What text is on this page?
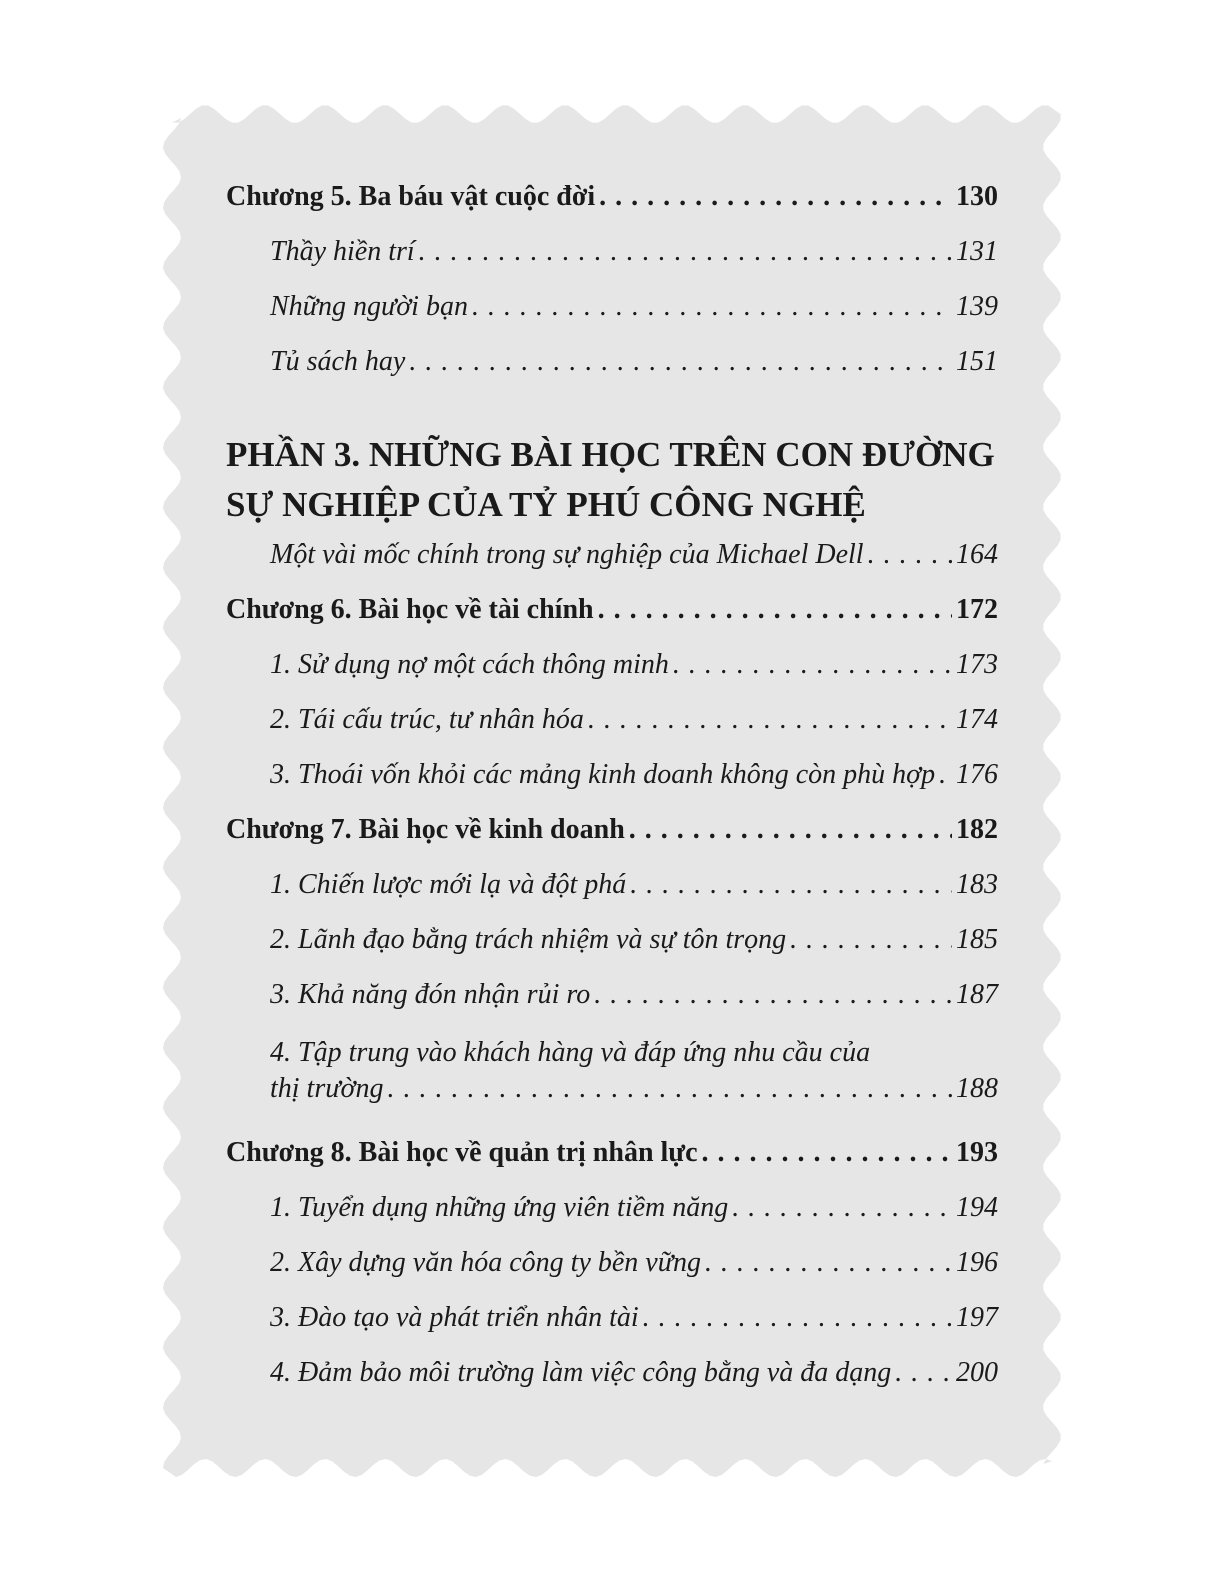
Chương 5. Ba báu vật cuộc đời . . .	130
Thầy hiền trí . . .	131
Những người bạn . . .	139
Tủ sách hay . . .	151
PHẦN 3. NHỮNG BÀI HỌC TRÊN CON ĐƯỜNG
SỰ NGHIỆP CỦA TỶ PHÚ CÔNG NGHỆ
Một vài mốc chính trong sự nghiệp của Michael Dell . . .	164
Chương 6. Bài học về tài chính . . .	172
1. Sử dụng nợ một cách thông minh . . .	173
2. Tái cấu trúc, tư nhân hóa . . .	174
3. Thoái vốn khỏi các mảng kinh doanh không còn phù hợp . . . 176
Chương 7. Bài học về kinh doanh . . .	182
1. Chiến lược mới lạ và đột phá . . .	183
2. Lãnh đạo bằng trách nhiệm và sự tôn trọng . . .	185
3. Khả năng đón nhận rủi ro . . .	187
4. Tập trung vào khách hàng và đáp ứng nhu cầu của
thị trường . . .	188
Chương 8. Bài học về quản trị nhân lực . . .	193
1. Tuyển dụng những ứng viên tiềm năng . . .	194
2. Xây dựng văn hóa công ty bền vững . . .	196
3. Đào tạo và phát triển nhân tài . . .	197
4. Đảm bảo môi trường làm việc công bằng và đa dạng . . . 200
